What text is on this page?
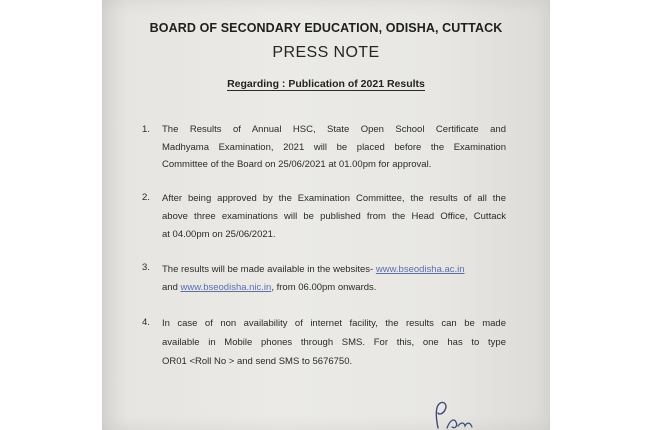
BOARD OF SECONDARY EDUCATION, ODISHA, CUTTACK
PRESS NOTE
Regarding : Publication of 2021 Results
1. The Results of Annual HSC, State Open School Certificate and
Madhyama Examination, 2021 will be placed before the Examination
Committee of the Board on 25/06/2021 at 01.00pm for approval.
2. After being approved by the Examination Committee, the results of all the
above three examinations will be published from the Head Office, Cuttack
at 04.00pm on 25/06/2021.
3. The results will be made available in the websites- www.bseodisha.ac.in
and www.bseodisha.nic.in, from 06.00pm onwards.
4. In case of non availability of internet facility, the results can be made
available in Mobile phones through SMS. For this, one has to type
OR01 <Roll No > and send SMS to 5676750.
